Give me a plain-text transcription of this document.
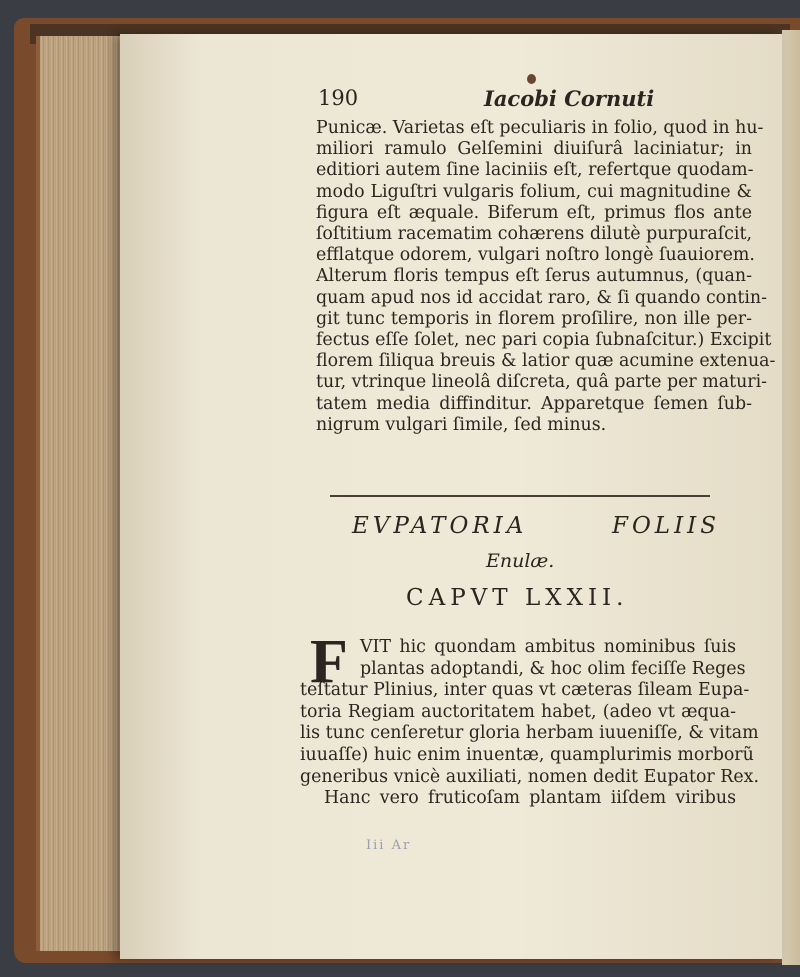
190	Iacobi Cornuti
Punicæ. Varietas eſt peculiaris in folio, quod in hu-
miliori ramulo Gelſemini diuiſurâ laciniatur; in
editiori autem ſine laciniis eſt, refertque quodam-
modo Liguſtri vulgaris folium, cui magnitudine &
figura eſt æquale. Biferum eſt, primus flos ante
ſoſtitium racematim cohærens dilutè purpuraſcit,
efflatque odorem, vulgari noſtro longè ſuauiorem.
Alterum floris tempus eſt ſerus autumnus, (quan-
quam apud nos id accidat raro, & ſi quando contin-
git tunc temporis in florem proſilire, non ille per-
fectus eſſe ſolet, nec pari copia ſubnaſcitur.) Excipit
florem ſiliqua breuis & latior quæ acumine extenua-
tur, vtrinque lineolâ diſcreta, quâ parte per maturi-
tatem media diffinditur. Apparetque ſemen ſub-
nigrum vulgari ſimile, ſed minus.
EVPATORIA	FOLIIS
Enulæ.
CAPVT LXXII.
F VIT hic quondam ambitus nominibus ſuis
plantas adoptandi, & hoc olim feciſſe Reges
teſtatur Plinius, inter quas vt cæteras ſileam Eupa-
toria Regiam auctoritatem habet, (adeo vt æqua-
lis tunc cenſeretur gloria herbam iuueniſſe, & vitam
iuuaſſe) huic enim inuentæ, quamplurimis morborũ
generibus vnicè auxiliati, nomen dedit Eupator Rex.
Hanc vero fruticoſam plantam iiſdem viribus
Iii Ar
